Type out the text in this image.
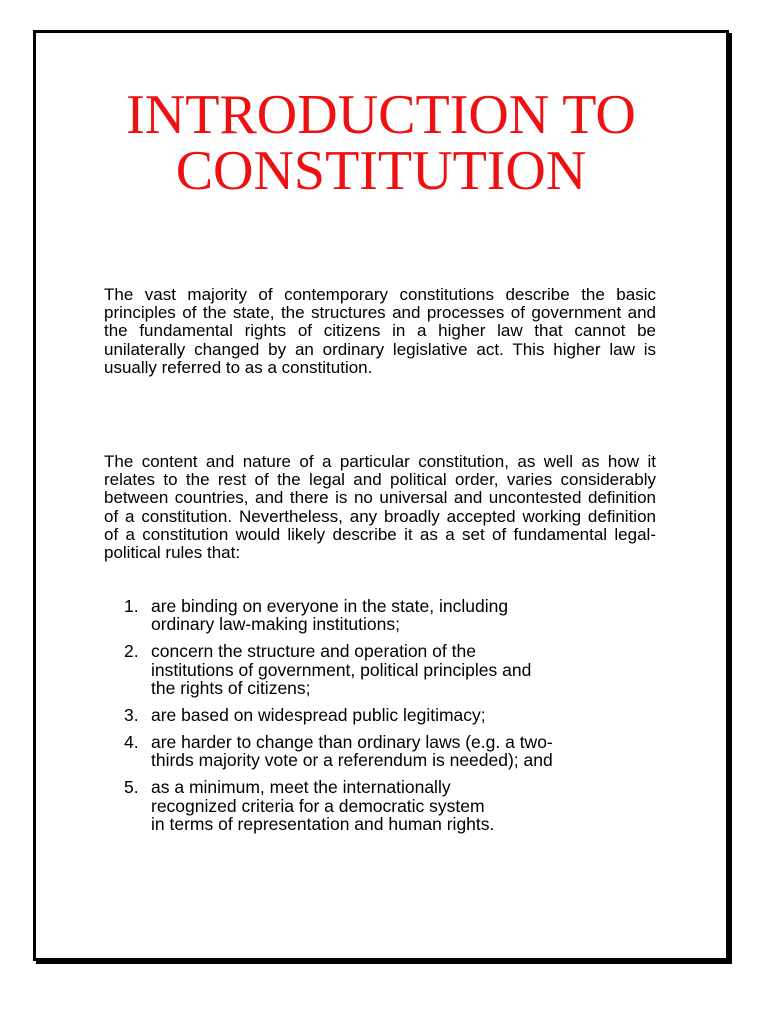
INTRODUCTION TO
CONSTITUTION

The vast majority of contemporary constitutions describe the basic principles of the state, the structures and processes of government and the fundamental rights of citizens in a higher law that cannot be unilaterally changed by an ordinary legislative act. This higher law is usually referred to as a constitution.

The content and nature of a particular constitution, as well as how it relates to the rest of the legal and political order, varies considerably between countries, and there is no universal and uncontested definition of a constitution. Nevertheless, any broadly accepted working definition of a constitution would likely describe it as a set of fundamental legal-political rules that:

1. are binding on everyone in the state, including
ordinary law-making institutions;
2. concern the structure and operation of the
institutions of government, political principles and
the rights of citizens;
3. are based on widespread public legitimacy;
4. are harder to change than ordinary laws (e.g. a two-
thirds majority vote or a referendum is needed); and
5. as a minimum, meet the internationally
recognized criteria for a democratic system
in terms of representation and human rights.
